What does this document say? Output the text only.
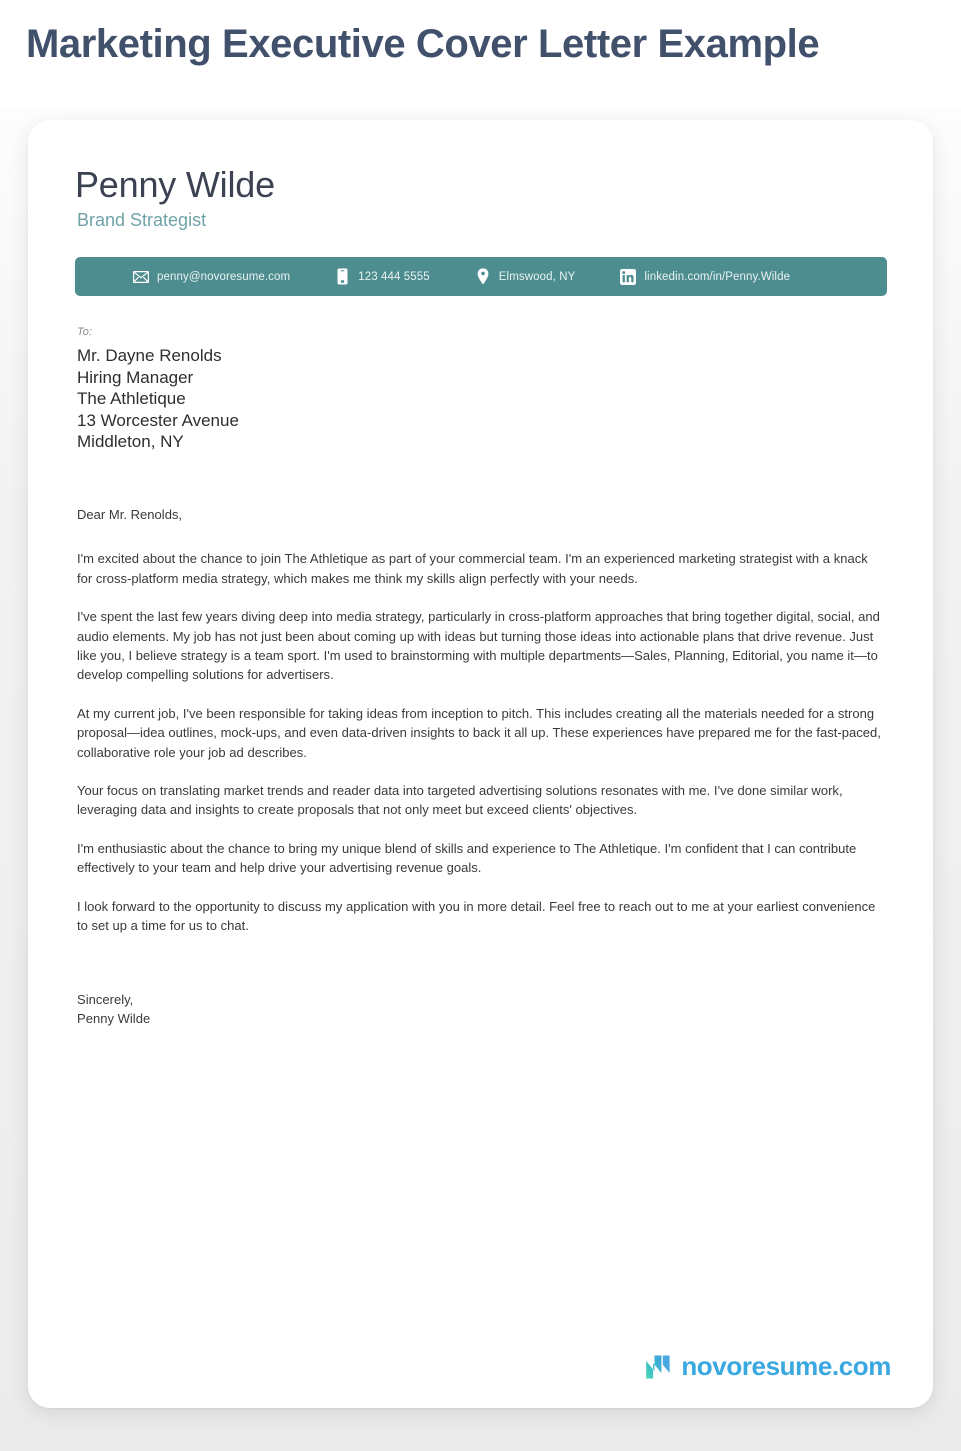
Marketing Executive Cover Letter Example
Penny Wilde
Brand Strategist
penny@novoresume.com	123 444 5555	Elmswood, NY	linkedin.com/in/Penny.Wilde
To:
Mr. Dayne Renolds
Hiring Manager
The Athletique
13 Worcester Avenue
Middleton, NY

Dear Mr. Renolds,

I'm excited about the chance to join The Athletique as part of your commercial team. I'm an experienced marketing strategist with a knack for cross-platform media strategy, which makes me think my skills align perfectly with your needs.

I've spent the last few years diving deep into media strategy, particularly in cross-platform approaches that bring together digital, social, and audio elements. My job has not just been about coming up with ideas but turning those ideas into actionable plans that drive revenue. Just like you, I believe strategy is a team sport. I'm used to brainstorming with multiple departments—Sales, Planning, Editorial, you name it—to develop compelling solutions for advertisers.

At my current job, I've been responsible for taking ideas from inception to pitch. This includes creating all the materials needed for a strong proposal—idea outlines, mock-ups, and even data-driven insights to back it all up. These experiences have prepared me for the fast-paced, collaborative role your job ad describes.

Your focus on translating market trends and reader data into targeted advertising solutions resonates with me. I've done similar work, leveraging data and insights to create proposals that not only meet but exceed clients' objectives.

I'm enthusiastic about the chance to bring my unique blend of skills and experience to The Athletique. I'm confident that I can contribute effectively to your team and help drive your advertising revenue goals.

I look forward to the opportunity to discuss my application with you in more detail. Feel free to reach out to me at your earliest convenience to set up a time for us to chat.

Sincerely,
Penny Wilde
novoresume.com
